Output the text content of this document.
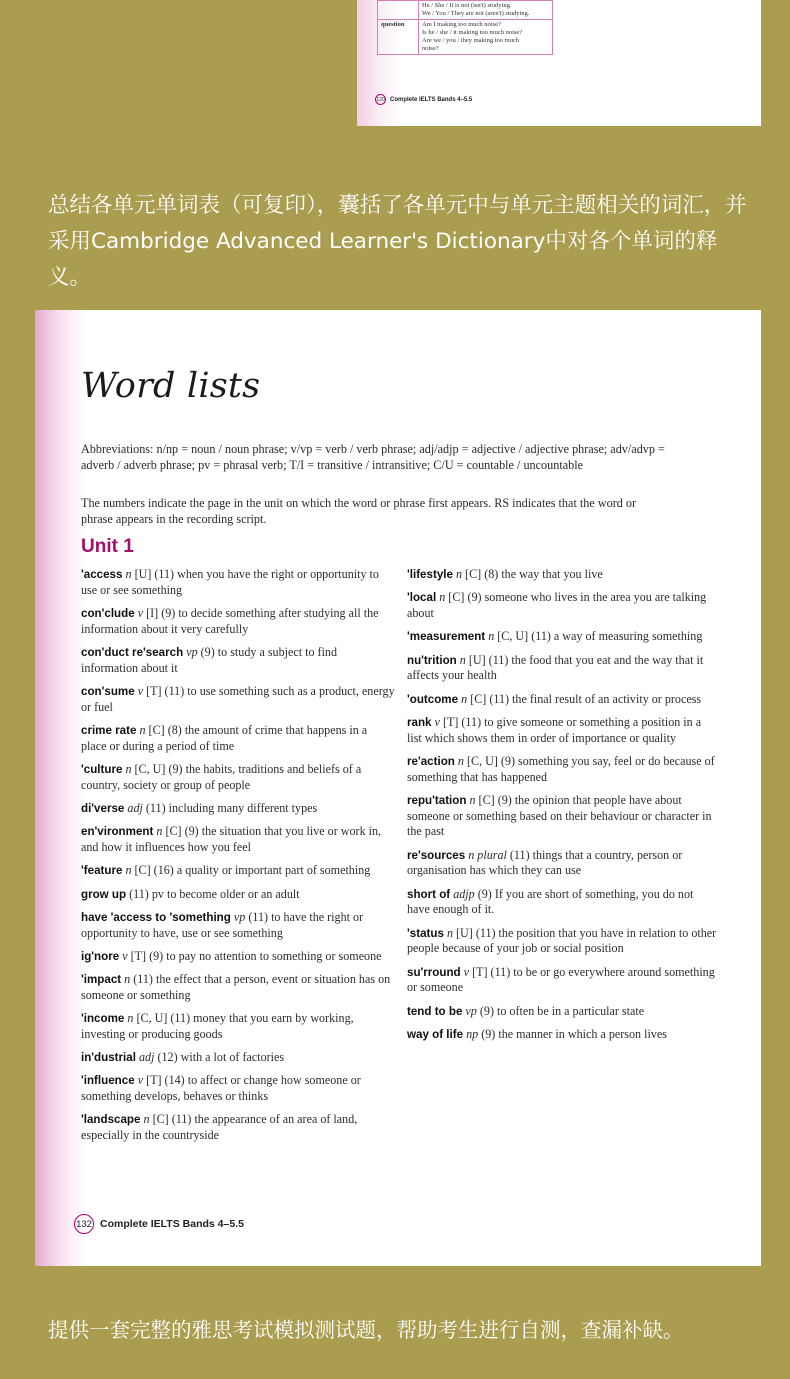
	He / She / It is not (isn't) studying.
We / You / They are not (aren't) studying.

question	Am I making too much noise?
Is he / she / it making too much noise?
Are we / you / they making too much
noise?
120 Complete IELTS Bands 4–5.5
总结各单元单词表（可复印），囊括了各单元中与单元主题相关的词汇，并采用Cambridge Advanced Learner's Dictionary中对各个单词的释义。
Word lists
Abbreviations: n/np = noun / noun phrase; v/vp = verb / verb phrase; adj/adjp = adjective / adjective phrase; adv/advp = adverb / adverb phrase; pv = phrasal verb; T/I = transitive / intransitive; C/U = countable / uncountable
The numbers indicate the page in the unit on which the word or phrase first appears. RS indicates that the word or phrase appears in the recording script.
Unit 1
'access n [U] (11) when you have the right or opportunity to use or see something
con'clude v [I] (9) to decide something after studying all the information about it very carefully
con'duct re'search vp (9) to study a subject to find information about it
con'sume v [T] (11) to use something such as a product, energy or fuel
crime rate n [C] (8) the amount of crime that happens in a place or during a period of time
'culture n [C, U] (9) the habits, traditions and beliefs of a country, society or group of people
di'verse adj (11) including many different types
en'vironment n [C] (9) the situation that you live or work in, and how it influences how you feel
'feature n [C] (16) a quality or important part of something
grow up (11) pv to become older or an adult
have 'access to 'something vp (11) to have the right or opportunity to have, use or see something
ig'nore v [T] (9) to pay no attention to something or someone
'impact n (11) the effect that a person, event or situation has on someone or something
'income n [C, U] (11) money that you earn by working, investing or producing goods
in'dustrial adj (12) with a lot of factories
'influence v [T] (14) to affect or change how someone or something develops, behaves or thinks
'landscape n [C] (11) the appearance of an area of land, especially in the countryside
'lifestyle n [C] (8) the way that you live
'local n [C] (9) someone who lives in the area you are talking about
'measurement n [C, U] (11) a way of measuring something
nu'trition n [U] (11) the food that you eat and the way that it affects your health
'outcome n [C] (11) the final result of an activity or process
rank v [T] (11) to give someone or something a position in a list which shows them in order of importance or quality
re'action n [C, U] (9) something you say, feel or do because of something that has happened
repu'tation n [C] (9) the opinion that people have about someone or something based on their behaviour or character in the past
re'sources n plural (11) things that a country, person or organisation has which they can use
short of adjp (9) If you are short of something, you do not have enough of it.
'status n [U] (11) the position that you have in relation to other people because of your job or social position
su'rround v [T] (11) to be or go everywhere around something or someone
tend to be vp (9) to often be in a particular state
way of life np (9) the manner in which a person lives
132 Complete IELTS Bands 4–5.5
提供一套完整的雅思考试模拟测试题，帮助考生进行自测，查漏补缺。
